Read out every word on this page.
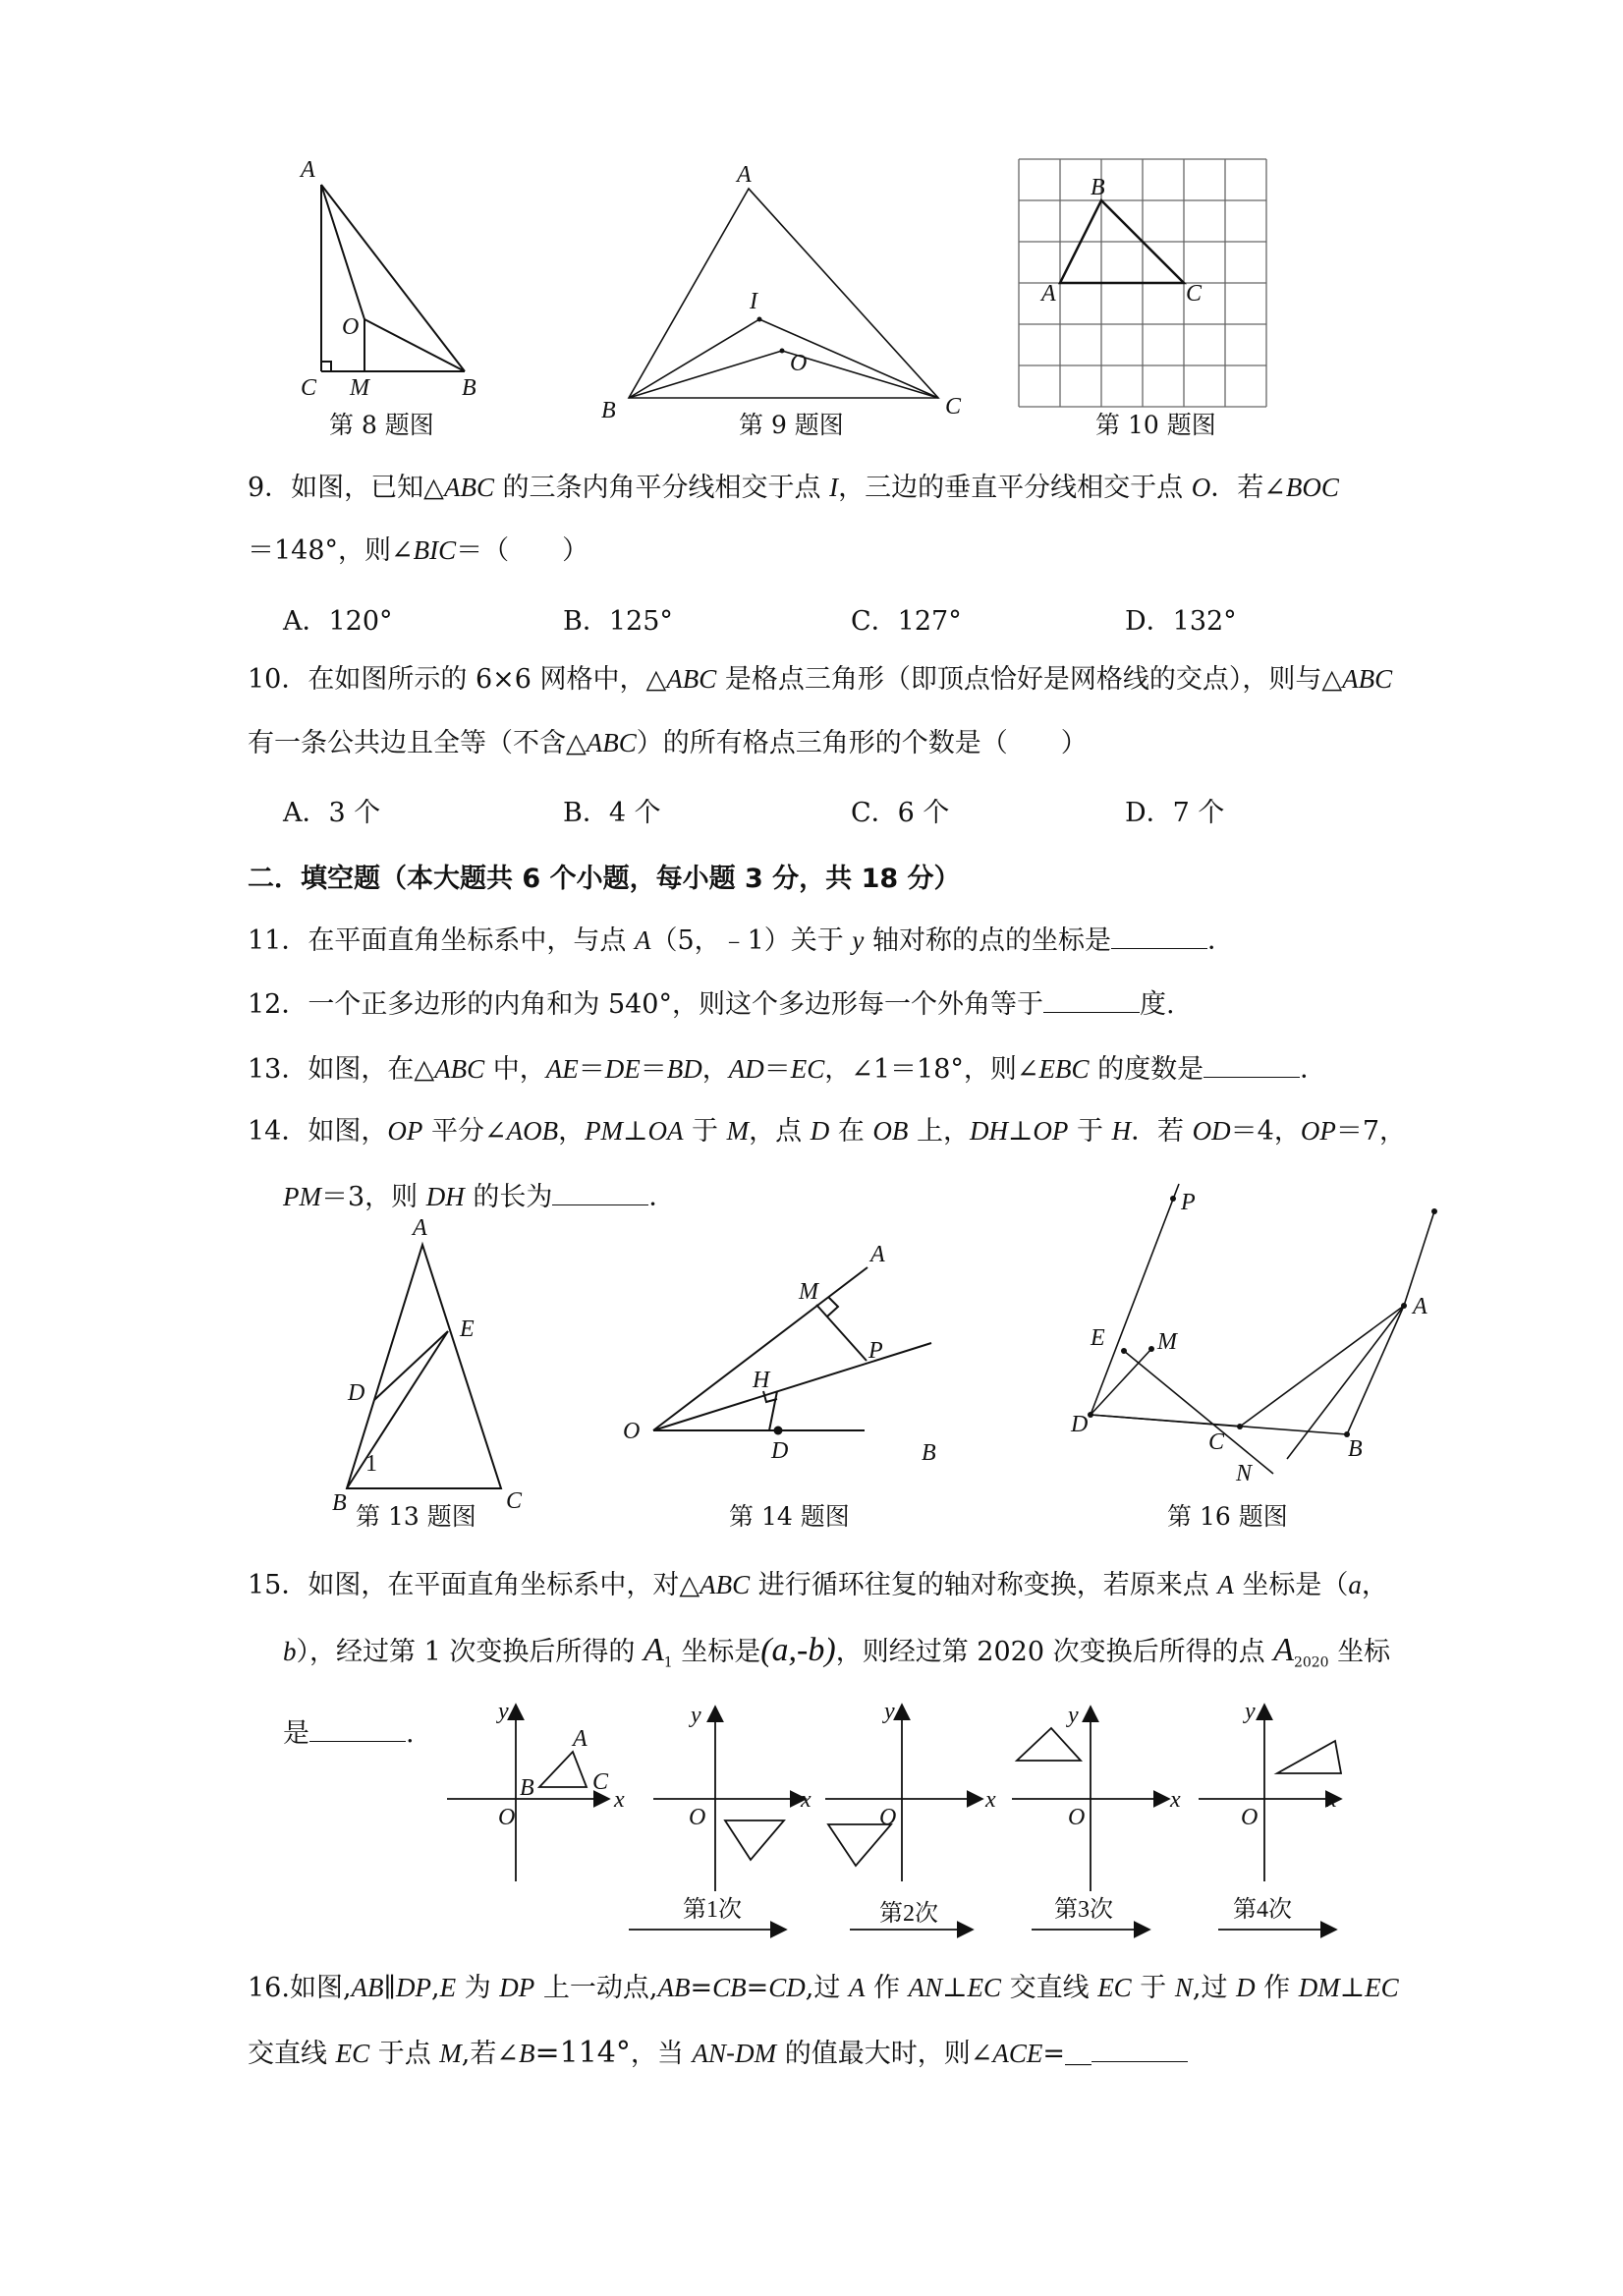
A
O
C M	B
第 8 题图
A
I
O
B	C
第 9 题图
B
A	C
第 10 题图
9．如图，已知△ABC 的三条内角平分线相交于点 I，三边的垂直平分线相交于点 O．若∠BOC
＝148°，则∠BIC＝（　　）
A．120°	B．125°	C．127°	D．132°
10．在如图所示的 6×6 网格中，△ABC 是格点三角形（即顶点恰好是网格线的交点），则与△ABC
有一条公共边且全等（不含△ABC）的所有格点三角形的个数是（　　）
A．3 个	B．4 个	C．6 个	D．7 个
二．填空题（本大题共 6 个小题，每小题 3 分，共 18 分）
11．在平面直角坐标系中，与点 A（5，﹣1）关于 y 轴对称的点的坐标是	．
12．一个正多边形的内角和为 540°，则这个多边形每一个外角等于	度.
13．如图，在△ABC 中，AE＝DE＝BD，AD＝EC，∠1＝18°，则∠EBC 的度数是	．
14．如图，OP 平分∠AOB，PM⊥OA 于 M，点 D 在 OB 上，DH⊥OP 于 H．若 OD＝4，OP＝7，
PM＝3，则 DH 的长为	．
A
E
D
1
B	C
第 13 题图
A
M
P
H
O
D	B
第 14 题图
P
E M
A
D
C
N
B
第 16 题图
15．如图，在平面直角坐标系中，对△ABC 进行循环往复的轴对称变换，若原来点 A 坐标是（a，
b），经过第 1 次变换后所得的 $A_1$ 坐标是(a,-b)，则经过第 2020 次变换后所得的点 $A_{2020}$ 坐标
是	.
y
A
B C
x
O
y
x
O
y
x
O
y
x
O
y
x
O
第1次	第2次	第3次	第4次
16.如图,AB∥DP,E 为 DP 上一动点,AB=CB=CD,过 A 作 AN⊥EC 交直线 EC 于 N,过 D 作 DM⊥EC
交直线 EC 于点 M,若∠B=114°，当 AN-DM 的值最大时，则∠ACE=＿
